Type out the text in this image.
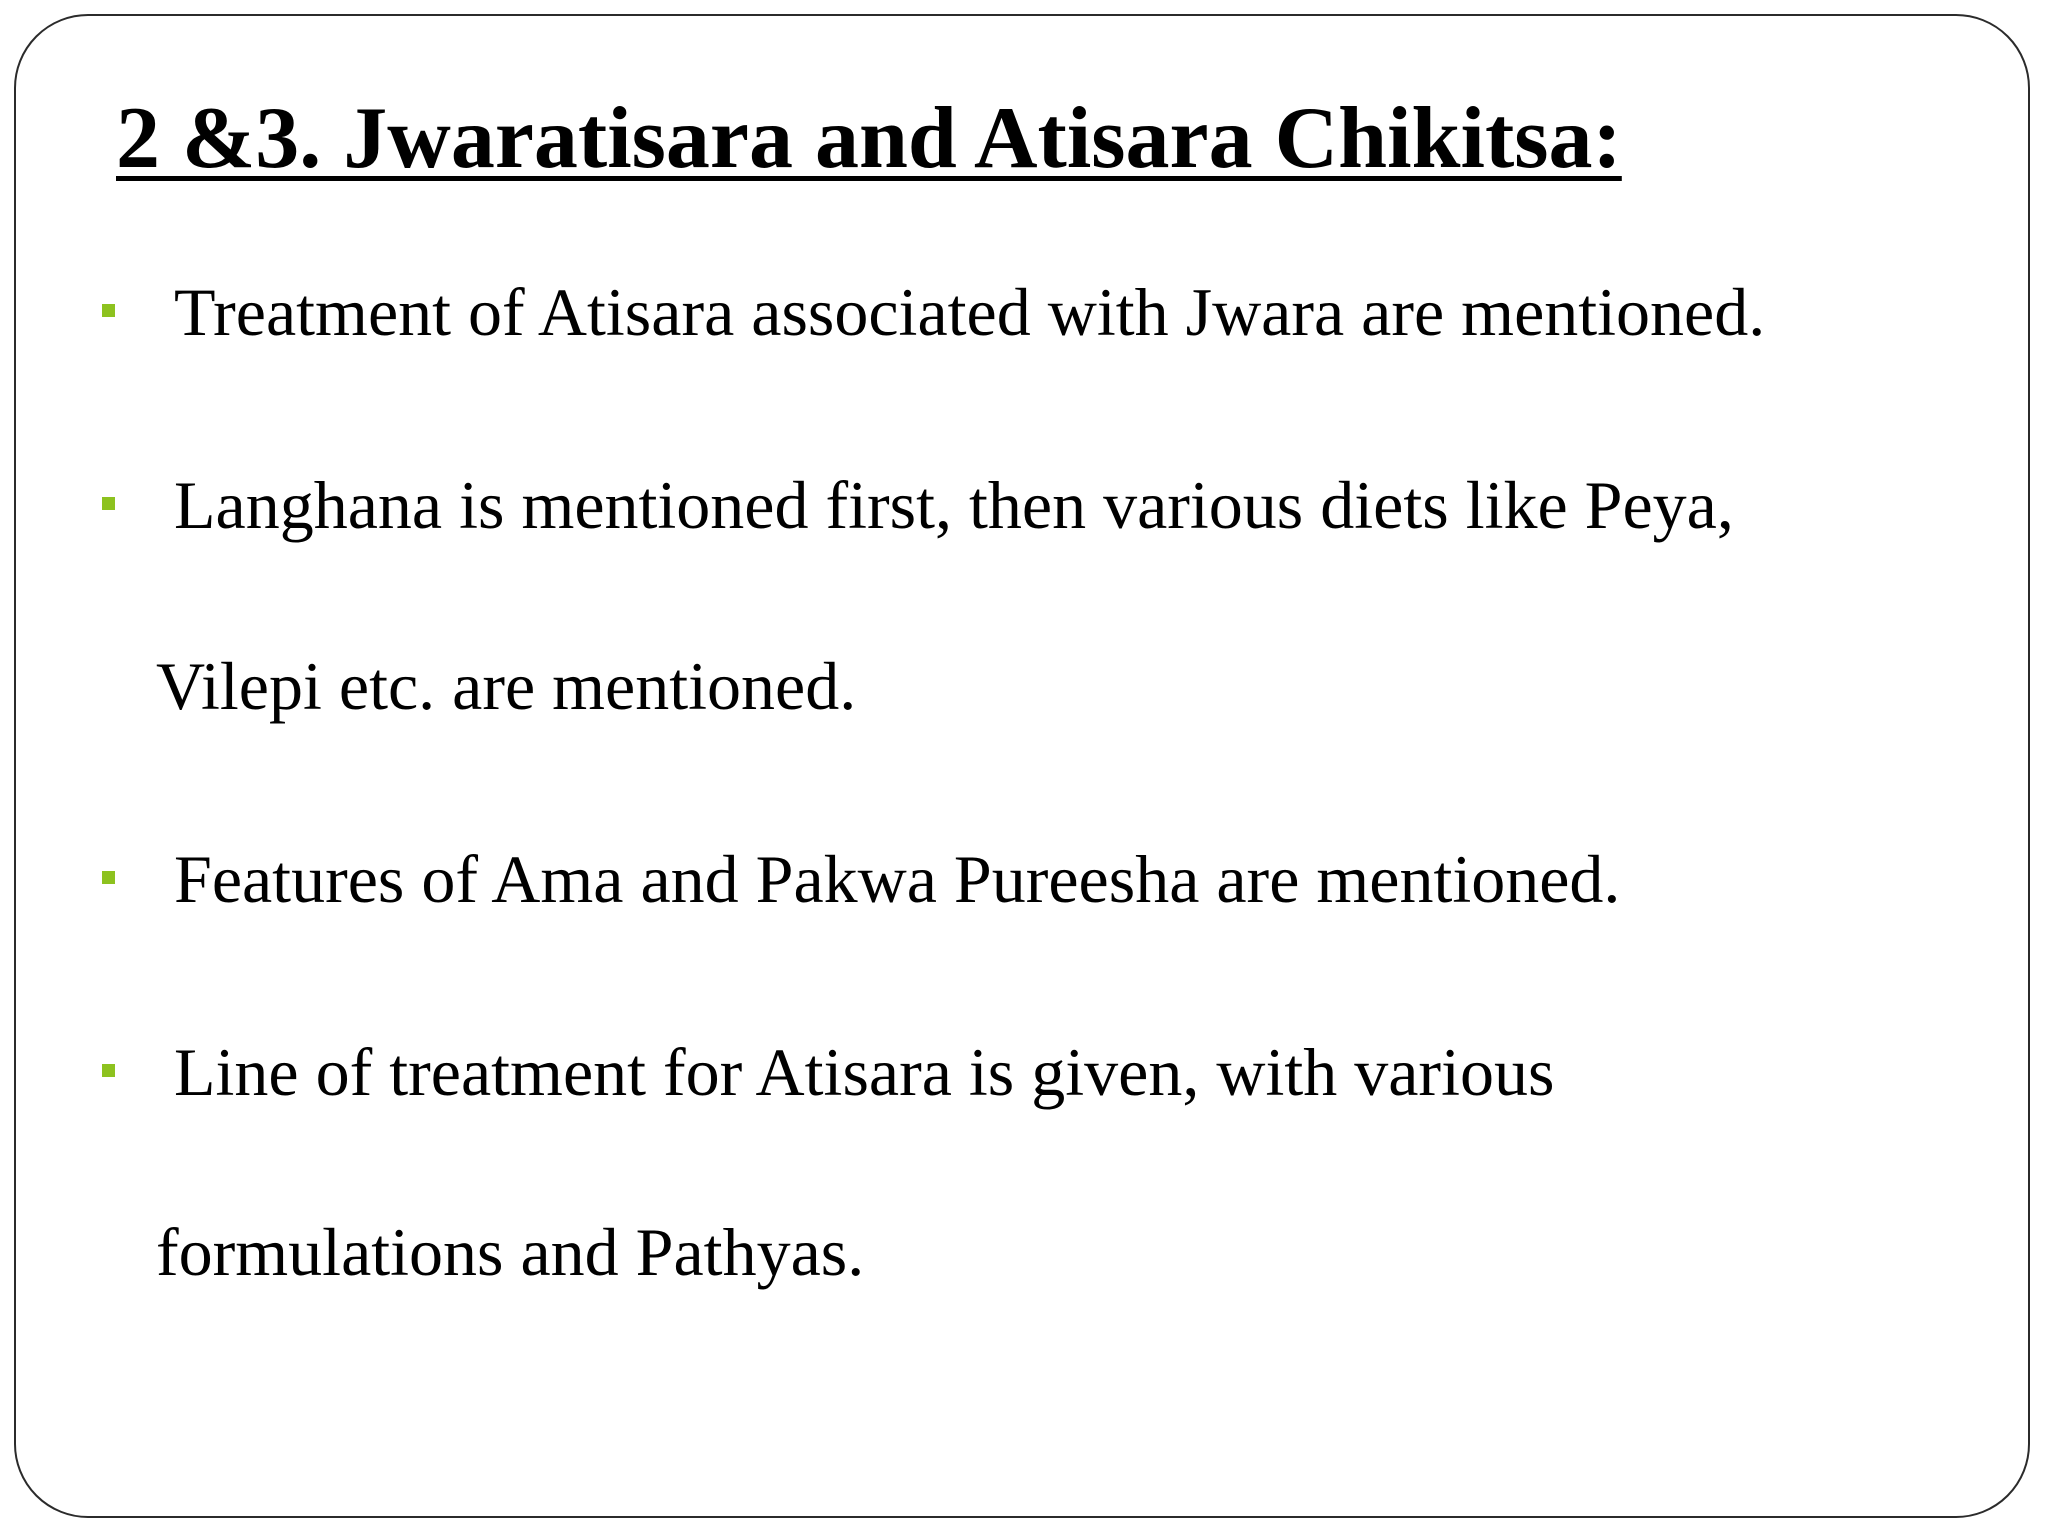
2 &3. Jwaratisara and Atisara Chikitsa:
Treatment of Atisara associated with Jwara are mentioned.
Langhana is mentioned first, then various diets like Peya,
Vilepi etc. are mentioned.
Features of Ama and Pakwa Pureesha are mentioned.
Line of treatment for Atisara is given, with various
formulations and Pathyas.
